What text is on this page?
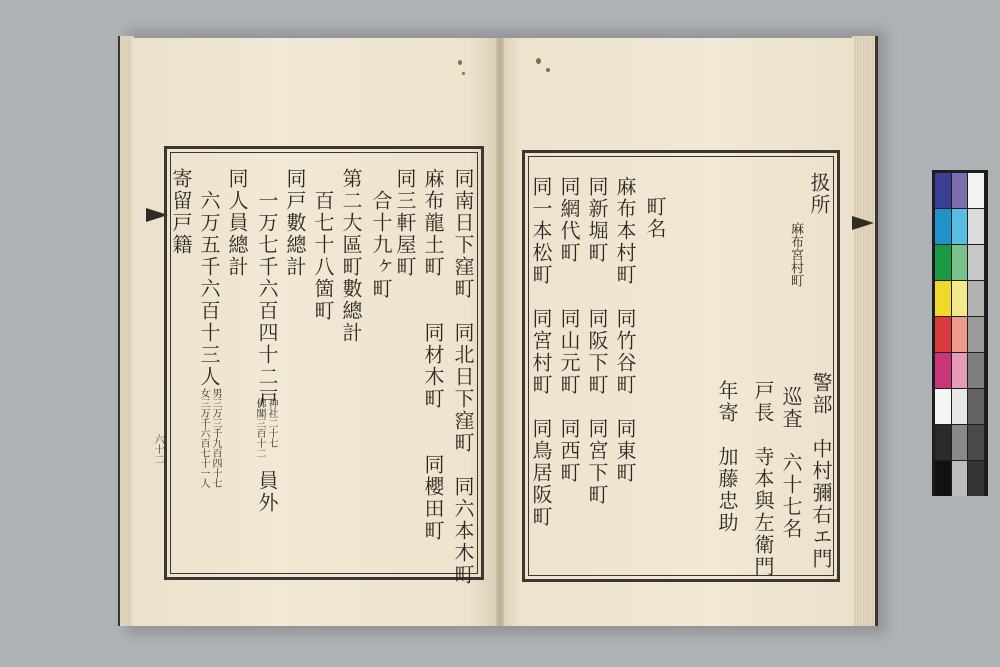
同南日下窪町　同北日下窪町　同六本木町
麻布龍土町　　同材木町　　同櫻田町
同三軒屋町
合十九ヶ町
第二大區町數總計
百七十八箇町
同戸數總計
一万七千六百四十二戸
神社二十七
佛閣三百十二
員外
同人員總計
六万五千六百十三人
男三万三千九百四十七
女三万千六百七十一人
寄留戸籍
六十二
扱所
麻布宮村町
警部　中村彌右エ門
巡査　六十七名
戸長　寺本與左衛門
年寄　加藤忠助
町名
麻布本村町　同竹谷町　同東町
同新堀町　　同阪下町　同宮下町
同網代町　　同山元町　同西町
同一本松町　同宮村町　同鳥居阪町
